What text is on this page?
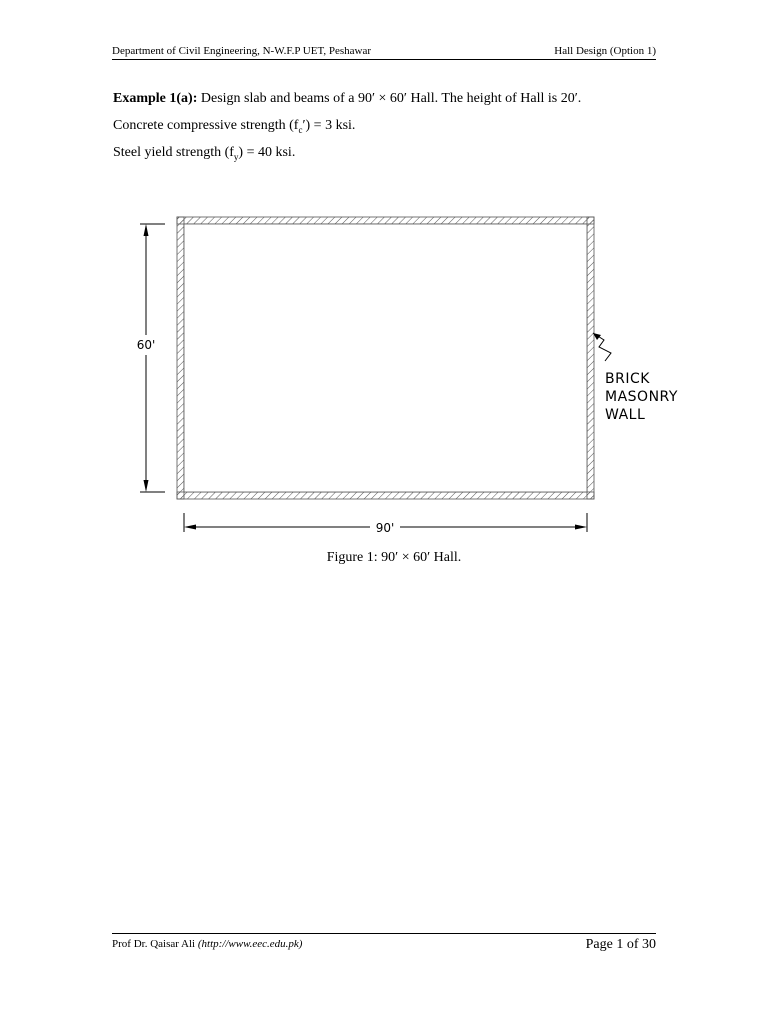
Department of Civil Engineering, N-W.F.P UET, Peshawar	Hall Design (Option 1)
Example 1(a): Design slab and beams of a 90′ × 60′ Hall. The height of Hall is 20′.
Concrete compressive strength $(f_c') = 3$ ksi.
Steel yield strength $(f_y) = 40$ ksi.
60'
90'
BRICK
MASONRY
WALL
Figure 1: 90′ × 60′ Hall.
Prof Dr. Qaisar Ali (http://www.eec.edu.pk)	Page 1 of 30
